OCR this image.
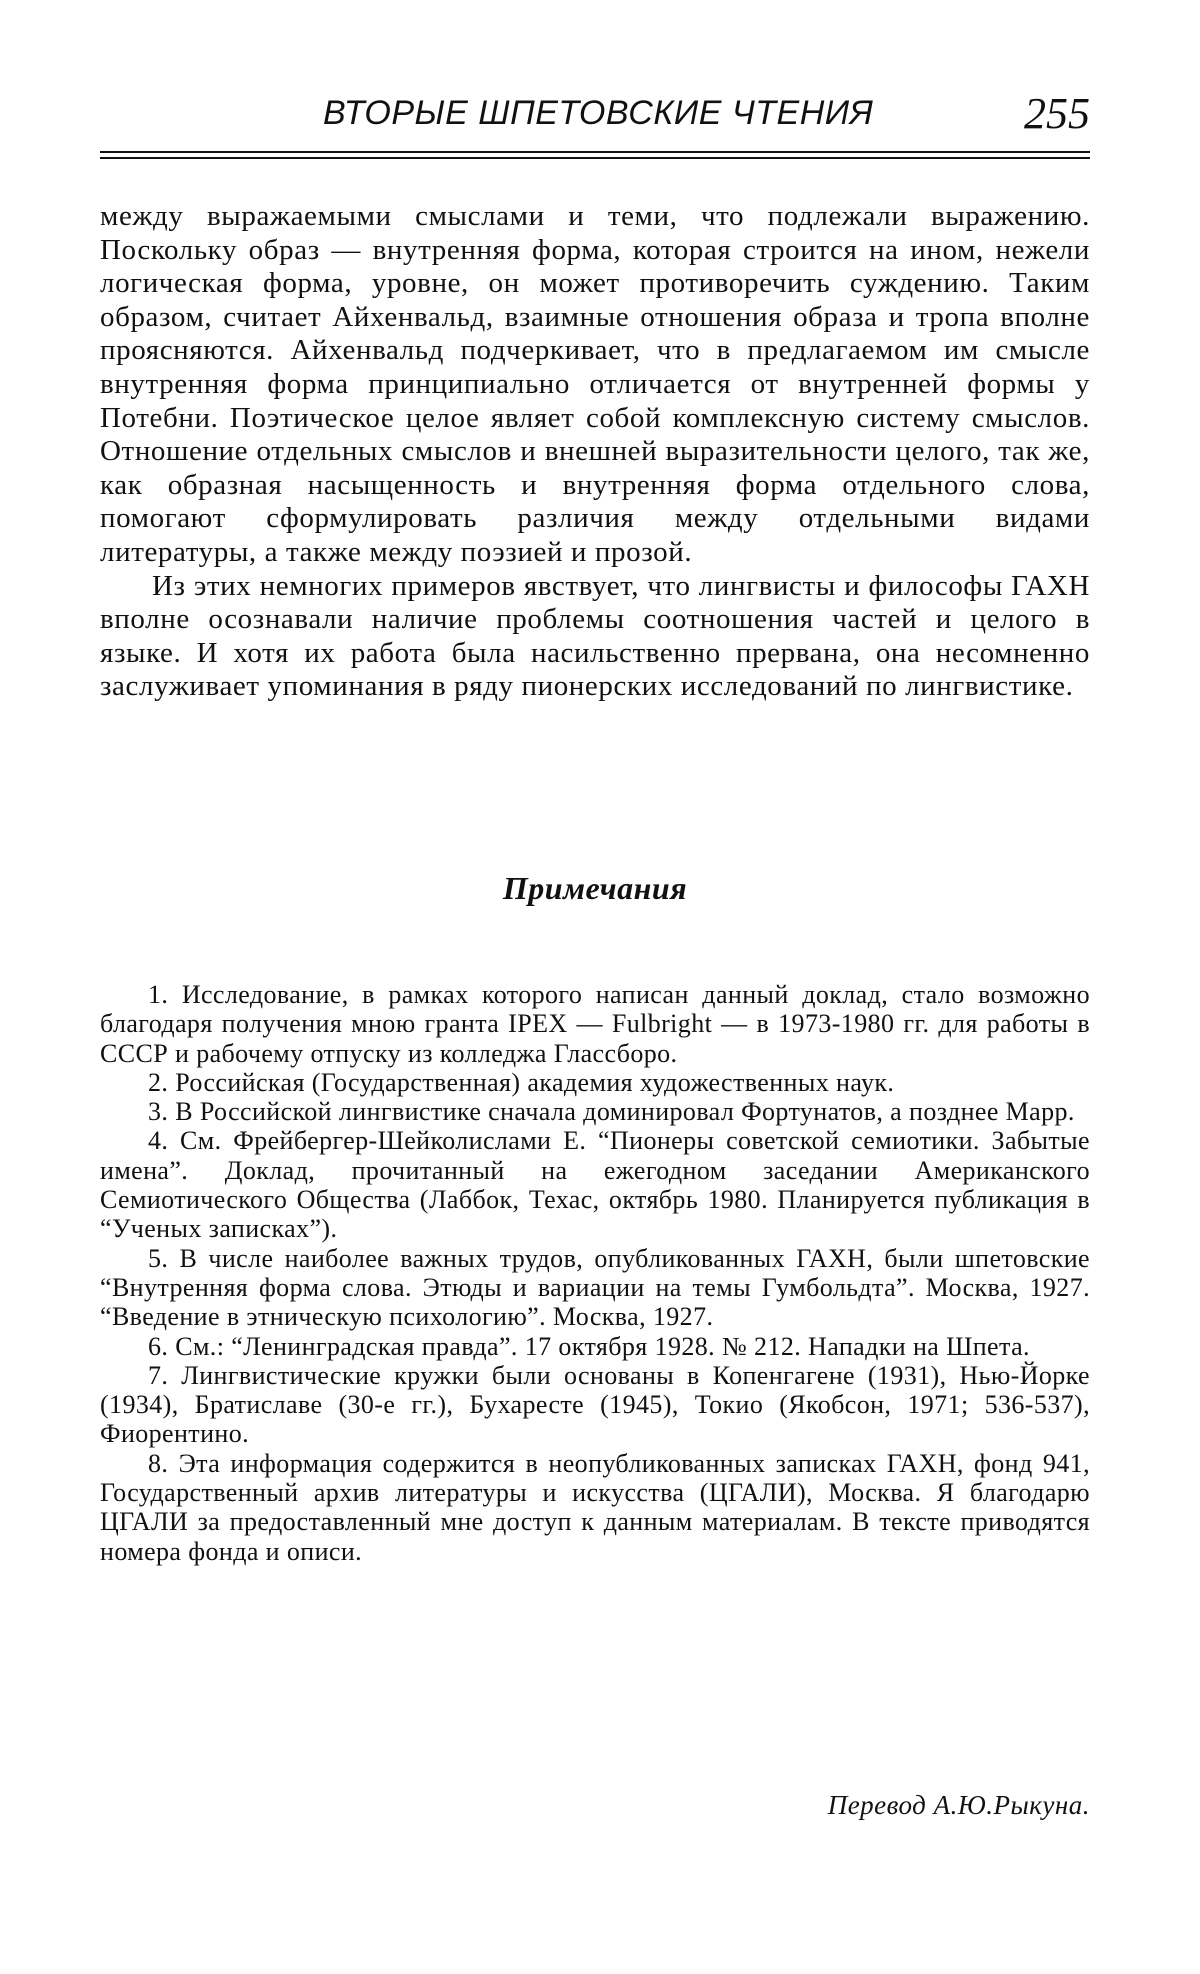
ВТОРЫЕ ШПЕТОВСКИЕ ЧТЕНИЯ	255

между выражаемыми смыслами и теми, что подлежали выражению. Поскольку образ — внутренняя форма, которая строится на ином, нежели логическая форма, уровне, он может противоречить суждению. Таким образом, считает Айхенвальд, взаимные отношения образа и тропа вполне проясняются. Айхенвальд подчеркивает, что в предлагаемом им смысле внутренняя форма принципиально отличается от внутренней формы у Потебни. Поэтическое целое являет собой комплексную систему смыслов. Отношение отдельных смыслов и внешней выразительности целого, так же, как образная насыщенность и внутренняя форма отдельного слова, помогают сформулировать различия между отдельными видами литературы, а также между поэзией и прозой.

Из этих немногих примеров явствует, что лингвисты и философы ГАХН вполне осознавали наличие проблемы соотношения частей и целого в языке. И хотя их работа была насильственно прервана, она несомненно заслуживает упоминания в ряду пионерских исследований по лингвистике.

Примечания

1. Исследование, в рамках которого написан данный доклад, стало возможно благодаря получения мною гранта IPEX — Fulbright — в 1973-1980 гг. для работы в СССР и рабочему отпуску из колледжа Глассборо.

2. Российская (Государственная) академия художественных наук.

3. В Российской лингвистике сначала доминировал Фортунатов, а позднее Марр.

4. См. Фрейбергер-Шейколислами Е. “Пионеры советской семиотики. Забытые имена”. Доклад, прочитанный на ежегодном заседании Американского Семиотического Общества (Лаббок, Техас, октябрь 1980. Планируется публикация в “Ученых записках”).

5. В числе наиболее важных трудов, опубликованных ГАХН, были шпетовские “Внутренняя форма слова. Этюды и вариации на темы Гумбольдта”. Москва, 1927. “Введение в этническую психологию”. Москва, 1927.

6. См.: “Ленинградская правда”. 17 октября 1928. № 212. Нападки на Шпета.

7. Лингвистические кружки были основаны в Копенгагене (1931), Нью-Йорке (1934), Братиславе (30-е гг.), Бухаресте (1945), Токио (Якобсон, 1971; 536-537), Фиорентино.

8. Эта информация содержится в неопубликованных записках ГАХН, фонд 941, Государственный архив литературы и искусства (ЦГАЛИ), Москва. Я благодарю ЦГАЛИ за предоставленный мне доступ к данным материалам. В тексте приводятся номера фонда и описи.

Перевод А.Ю.Рыкуна.
